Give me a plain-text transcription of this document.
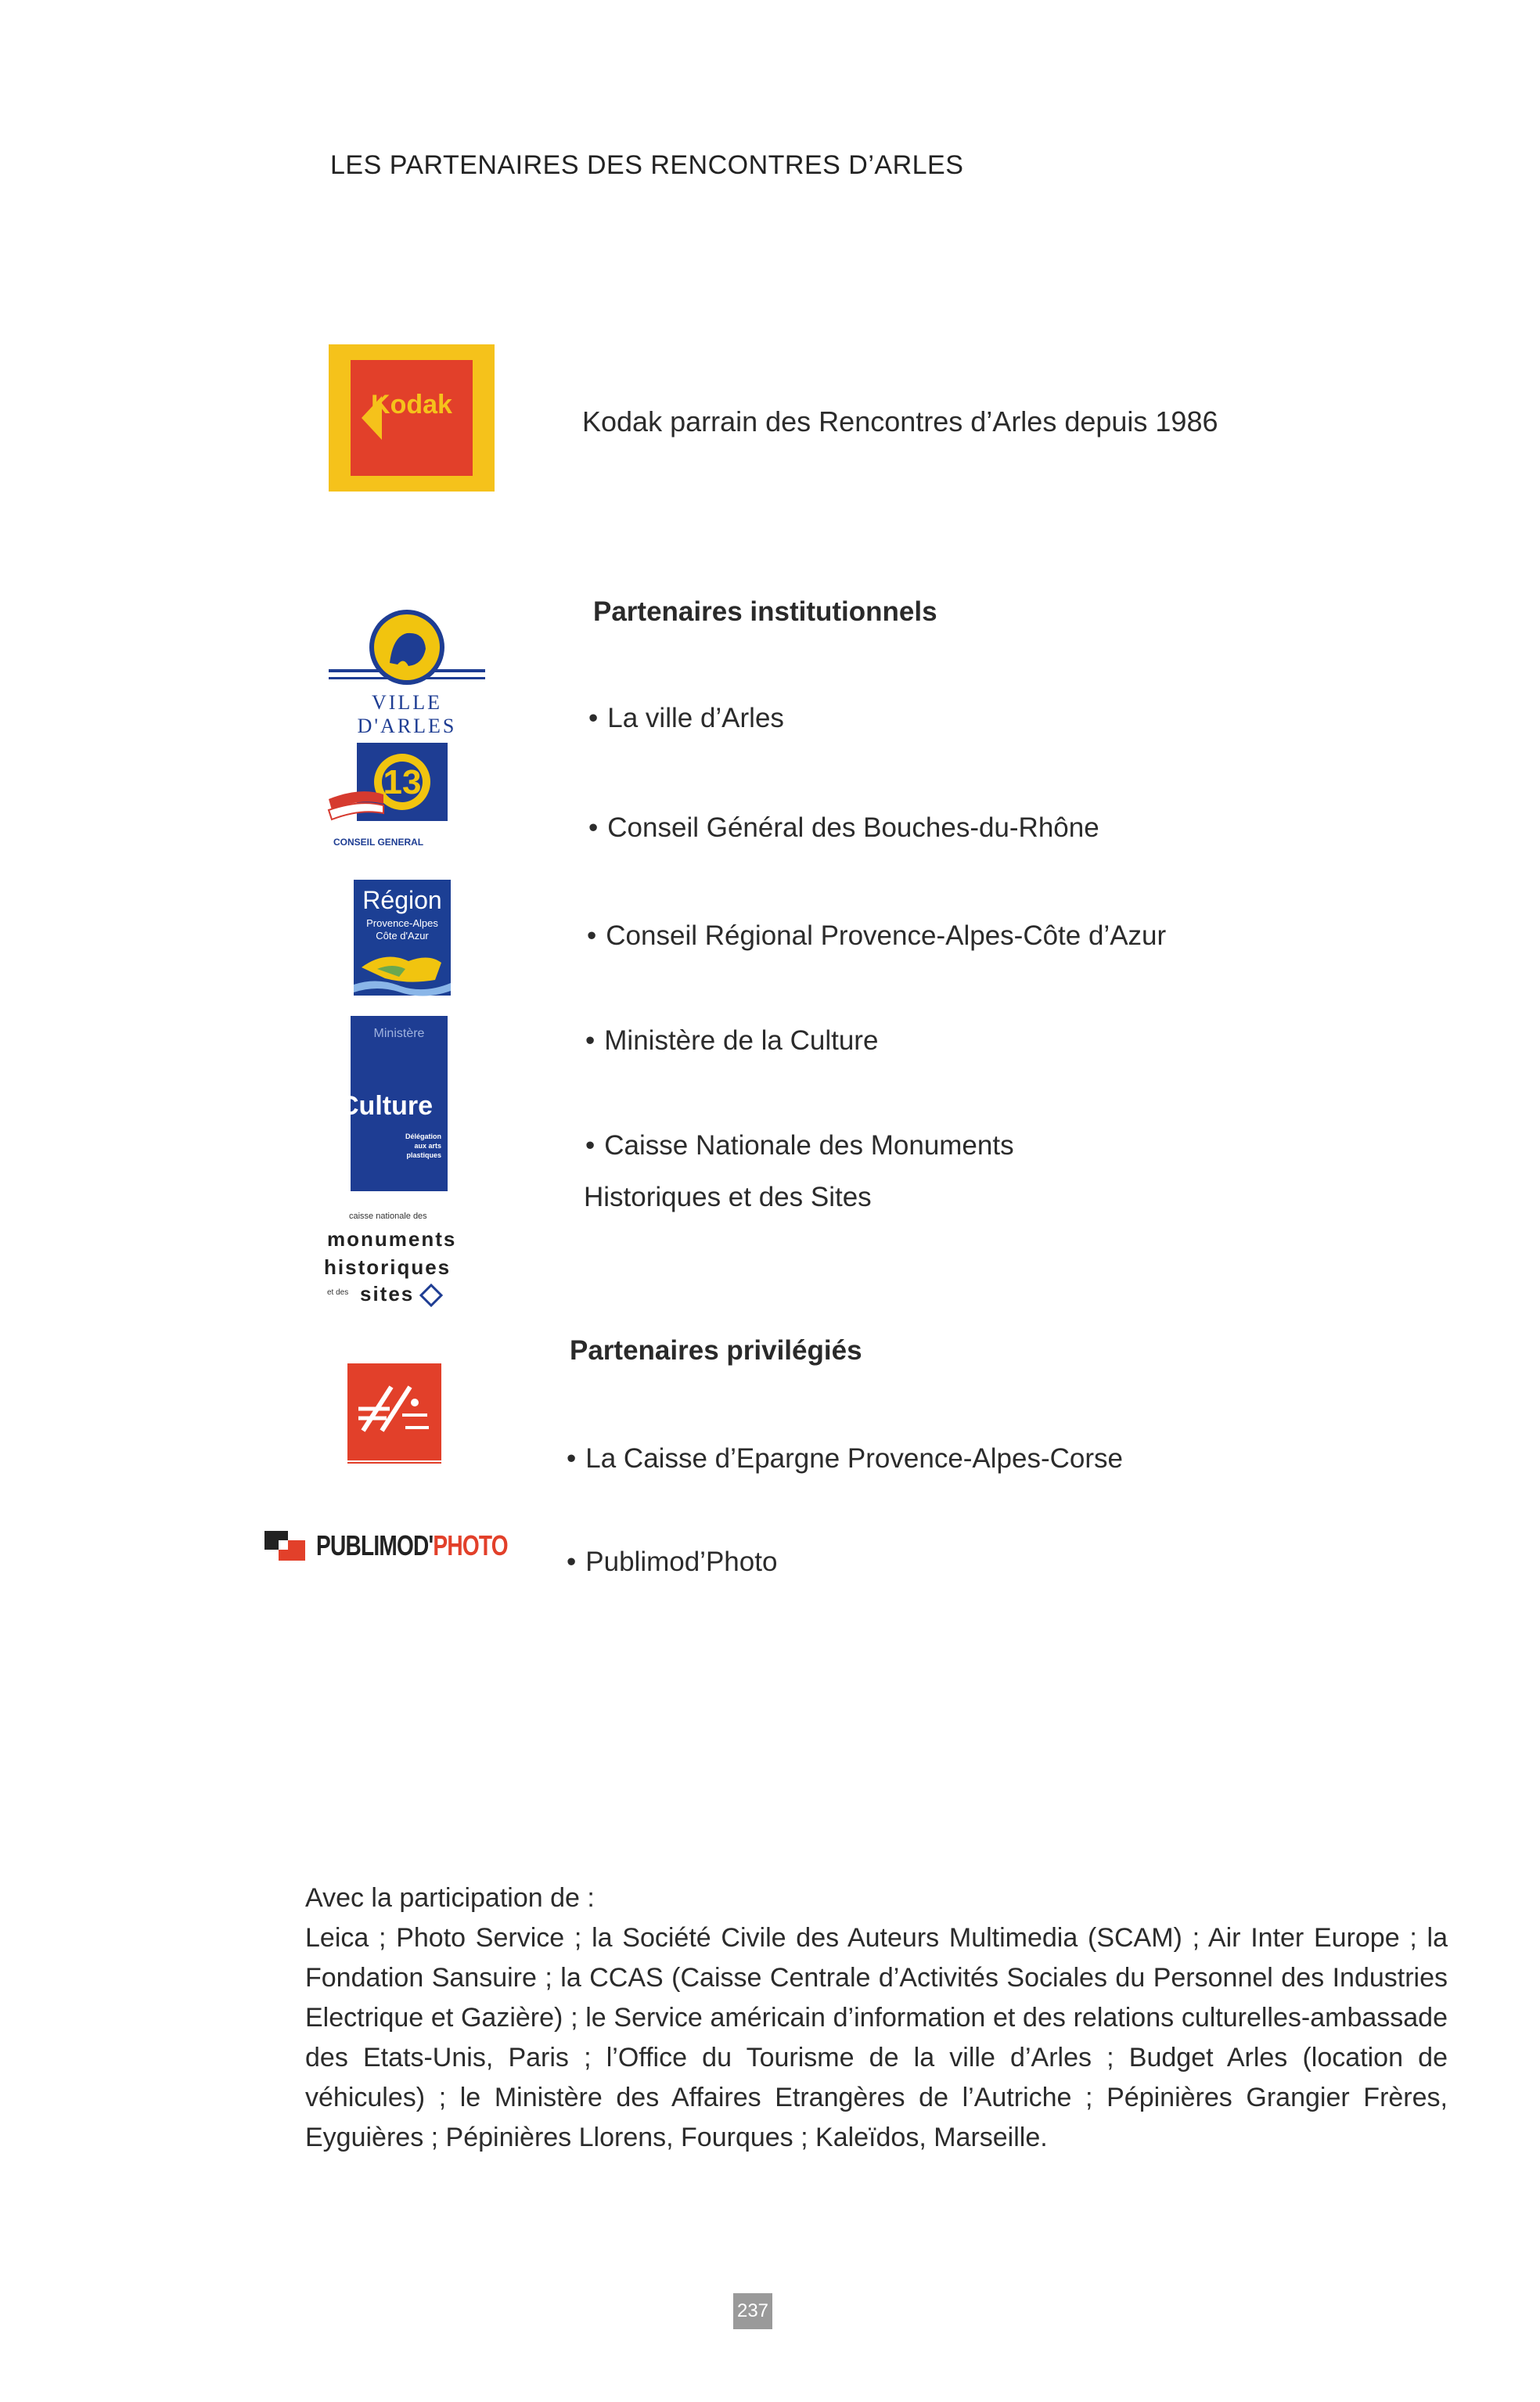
LES PARTENAIRES DES RENCONTRES D’ARLES
Kodak
Kodak parrain des Rencontres d’Arles depuis 1986
Partenaires institutionnels
• La ville d’Arles
• Conseil Général des Bouches-du-Rhône
• Conseil Régional Provence-Alpes-Côte d’Azur
• Ministère de la Culture
• Caisse Nationale des Monuments
Historiques et des Sites
VILLE D'ARLES
13
CONSEIL GENERAL
Région
Provence-Alpes
Côte d'Azur
Ministère
Culture
Délégation
aux arts
plastiques
caisse nationale des
monuments
historiques
et des sites
Partenaires privilégiés
• La Caisse d’Epargne Provence-Alpes-Corse
• Publimod’Photo
PUBLIMOD'PHOTO

Avec la participation de :

Leica ; Photo Service ; la Société Civile des Auteurs Multimedia (SCAM) ; Air Inter Europe ; la Fondation Sansuire ; la CCAS (Caisse Centrale d’Activités Sociales du Personnel des Industries Electrique et Gazière) ; le Service américain d’information et des relations culturelles-ambassade des Etats-Unis, Paris ; l’Office du Tourisme de la ville d’Arles ; Budget Arles (location de véhicules) ; le Ministère des Affaires Etrangères de l’Autriche ; Pépinières Grangier Frères, Eyguières ; Pépinières Llorens, Fourques ; Kaleïdos, Marseille.

237
